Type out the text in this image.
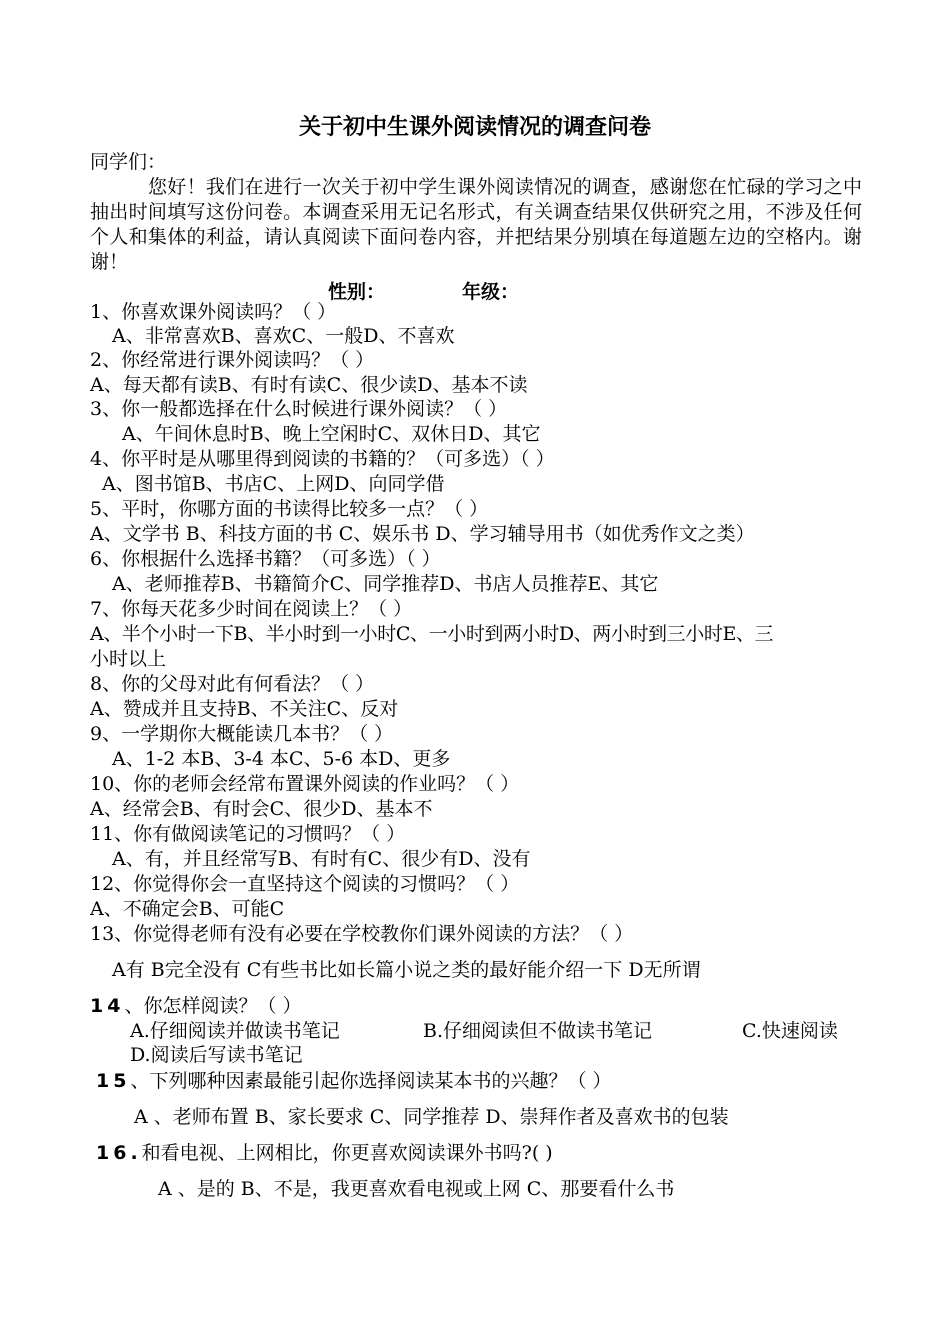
关于初中生课外阅读情况的调查问卷
同学们：
您好！我们在进行一次关于初中学生课外阅读情况的调查，感谢您在忙碌的学习之中抽出时间填写这份问卷。本调查采用无记名形式，有关调查结果仅供研究之用，不涉及任何个人和集体的利益，请认真阅读下面问卷内容，并把结果分别填在每道题左边的空格内。谢谢！
性别：	年级：
1、你喜欢课外阅读吗？（ ）
A、非常喜欢B、喜欢C、一般D、不喜欢
2、你经常进行课外阅读吗？（ ）
A、每天都有读B、有时有读C、很少读D、基本不读
3、你一般都选择在什么时候进行课外阅读？（ ）
A、午间休息时B、晚上空闲时C、双休日D、其它
4、你平时是从哪里得到阅读的书籍的？（可多选）（ ）
A、图书馆B、书店C、上网D、向同学借
5、平时，你哪方面的书读得比较多一点？（ ）
A、文学书 B、科技方面的书 C、娱乐书 D、学习辅导用书（如优秀作文之类）
6、你根据什么选择书籍？（可多选）（ ）
A、老师推荐B、书籍简介C、同学推荐D、书店人员推荐E、其它
7、你每天花多少时间在阅读上？（ ）
A、半个小时一下B、半小时到一小时C、一小时到两小时D、两小时到三小时E、三
小时以上
8、你的父母对此有何看法？（ ）
A、赞成并且支持B、不关注C、反对
9、一学期你大概能读几本书？（ ）
A、1-2 本B、3-4 本C、5-6 本D、更多
10、你的老师会经常布置课外阅读的作业吗？（ ）
A、经常会B、有时会C、很少D、基本不
11、你有做阅读笔记的习惯吗？（ ）
A、有，并且经常写B、有时有C、很少有D、没有
12、你觉得你会一直坚持这个阅读的习惯吗？（ ）
A、不确定会B、可能C
13、你觉得老师有没有必要在学校教你们课外阅读的方法？（ ）
A有 B完全没有 C有些书比如长篇小说之类的最好能介绍一下 D无所谓
14、你怎样阅读？（ ）
A.仔细阅读并做读书笔记	B.仔细阅读但不做读书笔记	C.快速阅读
D.阅读后写读书笔记
15、下列哪种因素最能引起你选择阅读某本书的兴趣？（ ）
A 、老师布置 B、家长要求 C、同学推荐 D、崇拜作者及喜欢书的包装
16.和看电视、上网相比，你更喜欢阅读课外书吗?( )
A 、是的 B、不是，我更喜欢看电视或上网 C、那要看什么书
